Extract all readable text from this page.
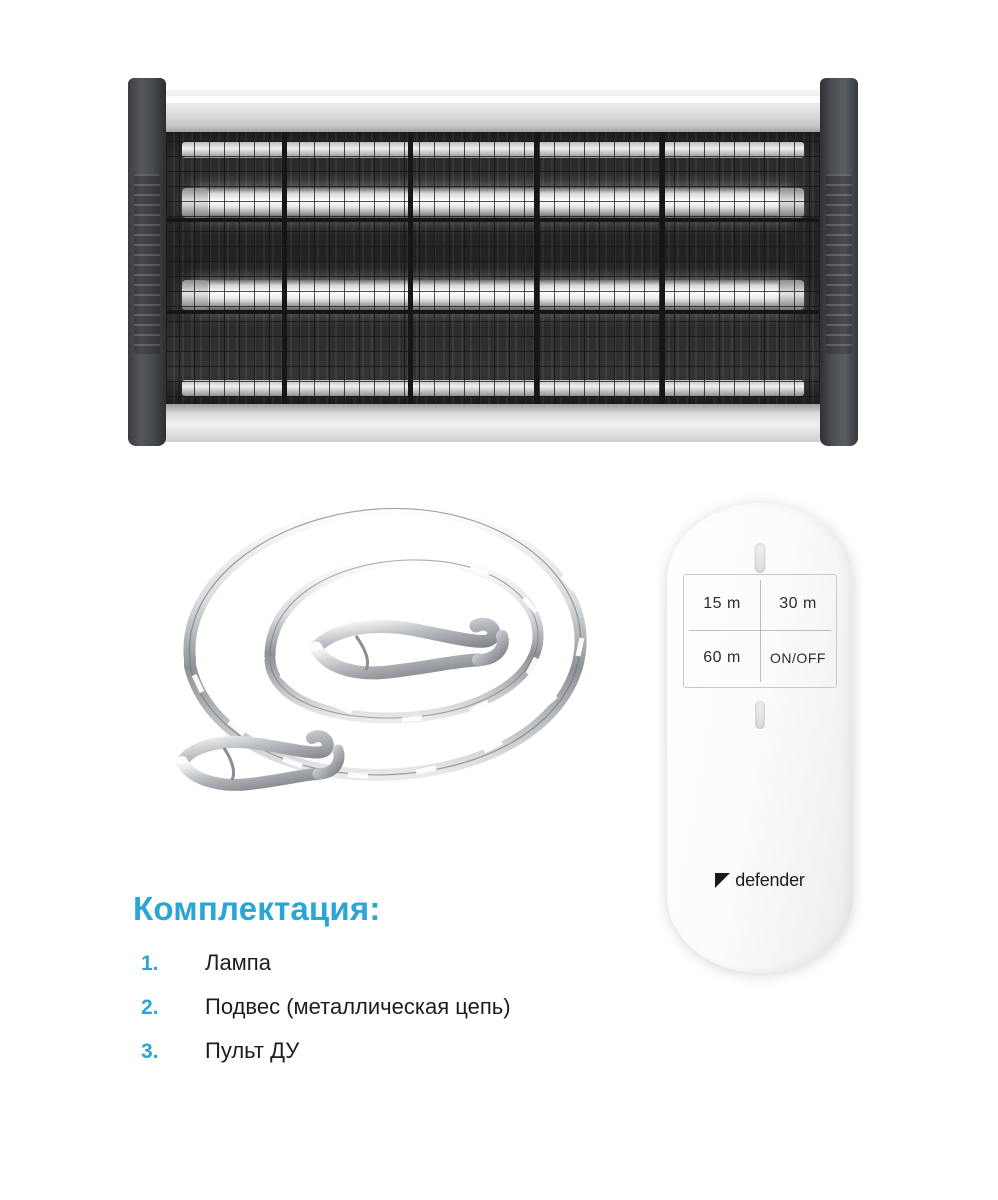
15 m	30 m
60 m	ON/OFF
defender
Комплектация:
1.	Лампа
2.	Подвес (металлическая цепь)
3.	Пульт ДУ
